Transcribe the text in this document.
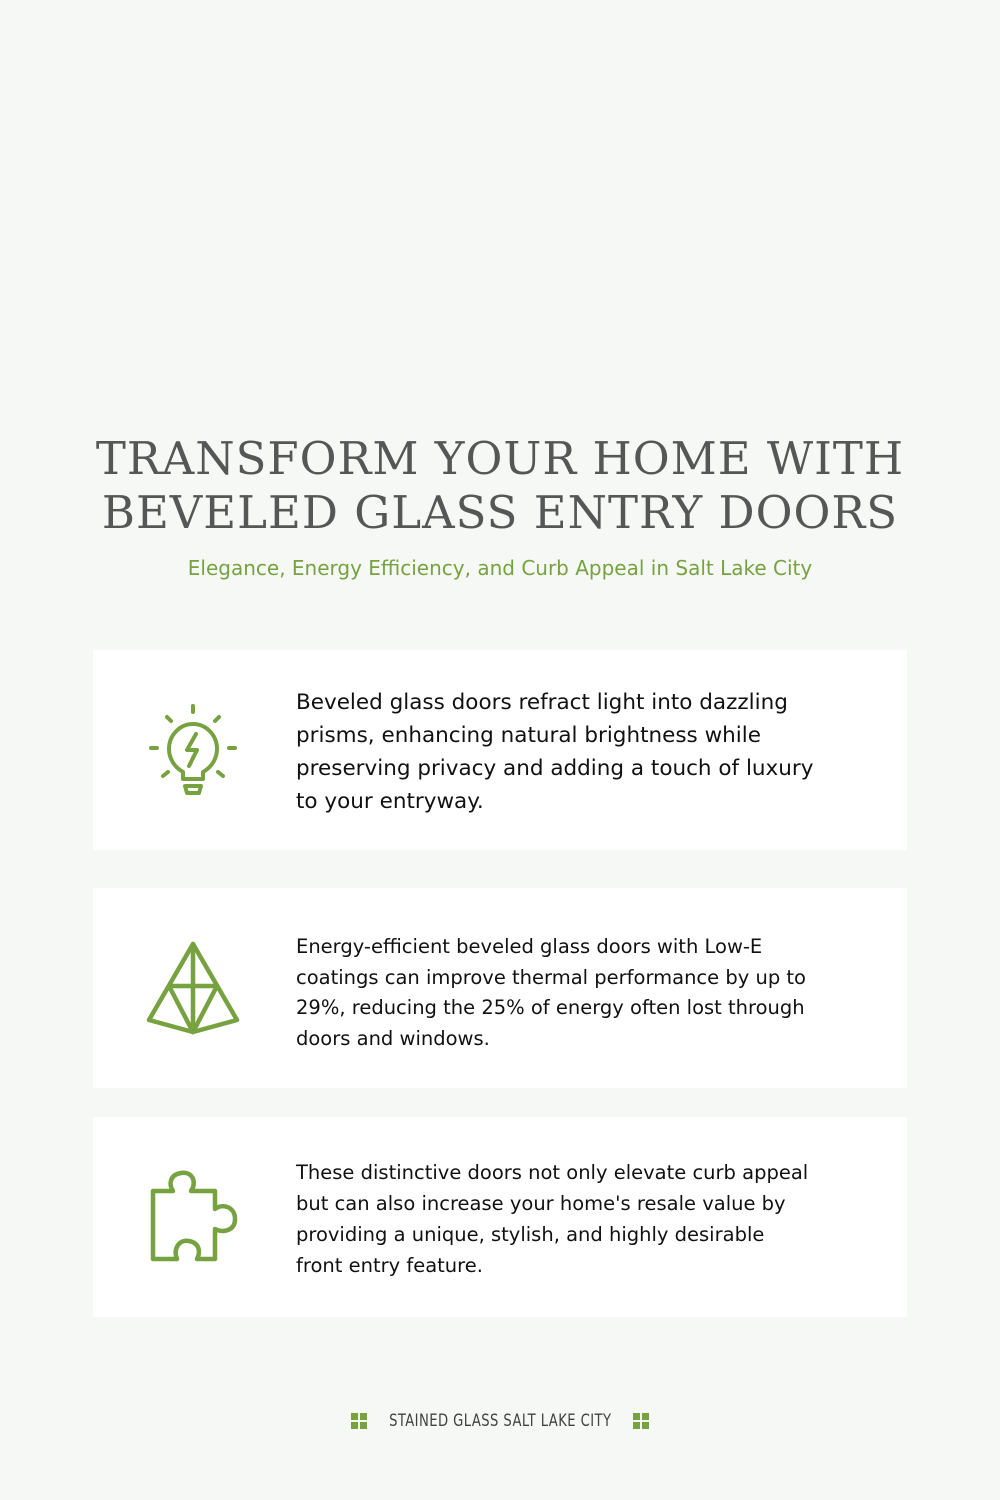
TRANSFORM YOUR HOME WITH
BEVELED GLASS ENTRY DOORS

Elegance, Energy Efficiency, and Curb Appeal in Salt Lake City

Beveled glass doors refract light into dazzling prisms, enhancing natural brightness while preserving privacy and adding a touch of luxury to your entryway.

Energy-efficient beveled glass doors with Low-E coatings can improve thermal performance by up to 29%, reducing the 25% of energy often lost through doors and windows.

These distinctive doors not only elevate curb appeal but can also increase your home's resale value by providing a unique, stylish, and highly desirable front entry feature.

STAINED GLASS SALT LAKE CITY
